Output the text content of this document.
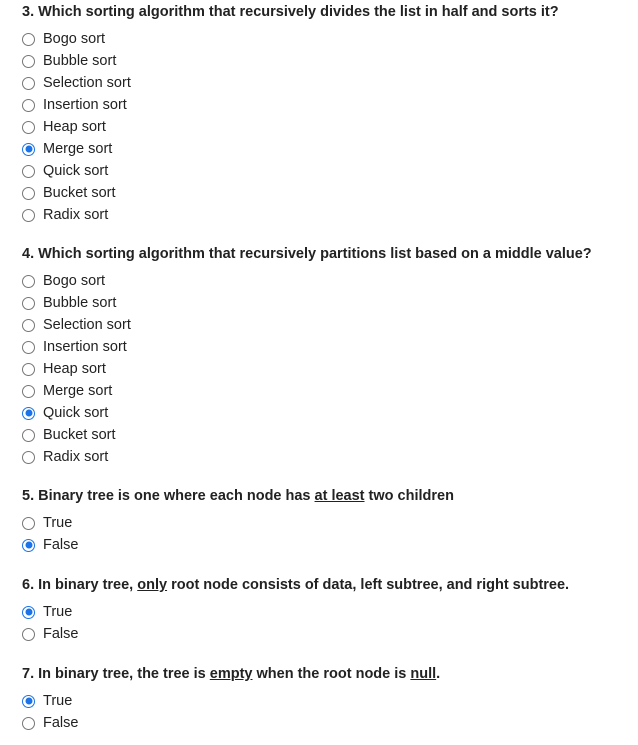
3. Which sorting algorithm that recursively divides the list in half and sorts it?
Bogo sort
Bubble sort
Selection sort
Insertion sort
Heap sort
Merge sort
Quick sort
Bucket sort
Radix sort
4. Which sorting algorithm that recursively partitions list based on a middle value?
Bogo sort
Bubble sort
Selection sort
Insertion sort
Heap sort
Merge sort
Quick sort
Bucket sort
Radix sort
5. Binary tree is one where each node has at least two children
True
False
6. In binary tree, only root node consists of data, left subtree, and right subtree.
True
False
7. In binary tree, the tree is empty when the root node is null.
True
False
